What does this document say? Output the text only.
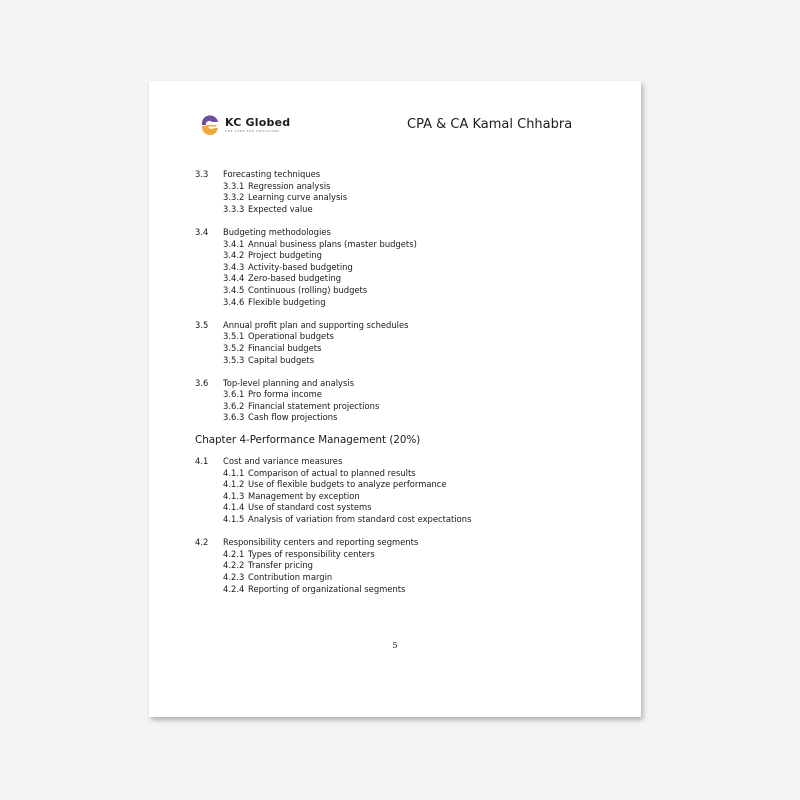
KC Globed
ONE STOP FOR EDUCATION	CPA & CA Kamal Chhabra
3.3	Forecasting techniques
3.3.1 Regression analysis
3.3.2 Learning curve analysis
3.3.3 Expected value
3.4	Budgeting methodologies
3.4.1 Annual business plans (master budgets)
3.4.2 Project budgeting
3.4.3 Activity-based budgeting
3.4.4 Zero-based budgeting
3.4.5 Continuous (rolling) budgets
3.4.6 Flexible budgeting
3.5	Annual profit plan and supporting schedules
3.5.1 Operational budgets
3.5.2 Financial budgets
3.5.3 Capital budgets
3.6	Top-level planning and analysis
3.6.1 Pro forma income
3.6.2 Financial statement projections
3.6.3 Cash flow projections
Chapter 4-Performance Management (20%)
4.1	Cost and variance measures
4.1.1 Comparison of actual to planned results
4.1.2 Use of flexible budgets to analyze performance
4.1.3 Management by exception
4.1.4 Use of standard cost systems
4.1.5 Analysis of variation from standard cost expectations
4.2	Responsibility centers and reporting segments
4.2.1 Types of responsibility centers
4.2.2 Transfer pricing
4.2.3 Contribution margin
4.2.4 Reporting of organizational segments
5
